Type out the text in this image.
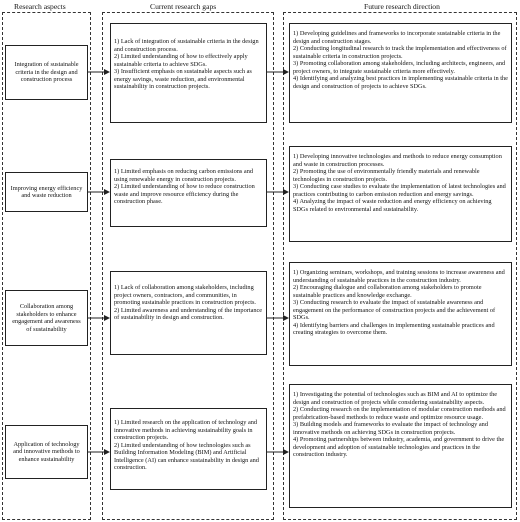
Research aspects	Current research gaps	Future research direction
Integration of sustainable criteria in the design and construction process
1) Lack of integration of sustainable criteria in the design and construction process.
2) Limited understanding of how to effectively apply sustainable criteria to achieve SDGs.
3) Insufficient emphasis on sustainable aspects such as energy savings, waste reduction, and environmental sustainability in construction projects.
1) Developing guidelines and frameworks to incorporate sustainable criteria in the design and construction stages.
2) Conducting longitudinal research to track the implementation and effectiveness of sustainable criteria in construction projects.
3) Promoting collaboration among stakeholders, including architects, engineers, and project owners, to integrate sustainable criteria more effectively.
4) Identifying and analyzing best practices in implementing sustainable criteria in the design and construction of projects to achieve SDGs.
Improving energy efficiency and waste reduction
1) Limited emphasis on reducing carbon emissions and using renewable energy in construction projects.
2) Limited understanding of how to reduce construction waste and improve resource efficiency during the construction phase.
1) Developing innovative technologies and methods to reduce energy consumption and waste in construction processes.
2) Promoting the use of environmentally friendly materials and renewable technologies in construction projects.
3) Conducting case studies to evaluate the implementation of latest technologies and practices contributing to carbon emission reduction and energy savings.
4) Analyzing the impact of waste reduction and energy efficiency on achieving SDGs related to environmental and sustainability.
Collaboration among stakeholders to enhance engagement and awareness of sustainability
1) Lack of collaboration among stakeholders, including project owners, contractors, and communities, in promoting sustainable practices in construction projects.
2) Limited awareness and understanding of the importance of sustainability in design and construction.
1) Organizing seminars, workshops, and training sessions to increase awareness and understanding of sustainable practices in the construction industry.
2) Encouraging dialogue and collaboration among stakeholders to promote sustainable practices and knowledge exchange.
3) Conducting research to evaluate the impact of sustainable awareness and engagement on the performance of construction projects and the achievement of SDGs.
4) Identifying barriers and challenges in implementing sustainable practices and creating strategies to overcome them.
Application of technology and innovative methods to enhance sustainability
1) Limited research on the application of technology and innovative methods in achieving sustainability goals in construction projects.
2) Limited understanding of how technologies such as Building Information Modeling (BIM) and Artificial Intelligence (AI) can enhance sustainability in design and construction.
1) Investigating the potential of technologies such as BIM and AI to optimize the design and construction of projects while considering sustainability aspects.
2) Conducting research on the implementation of modular construction methods and prefabrication-based methods to reduce waste and optimize resource usage.
3) Building models and frameworks to evaluate the impact of technology and innovative methods on achieving SDGs in construction projects.
4) Promoting partnerships between industry, academia, and government to drive the development and adoption of sustainable technologies and practices in the construction industry.
